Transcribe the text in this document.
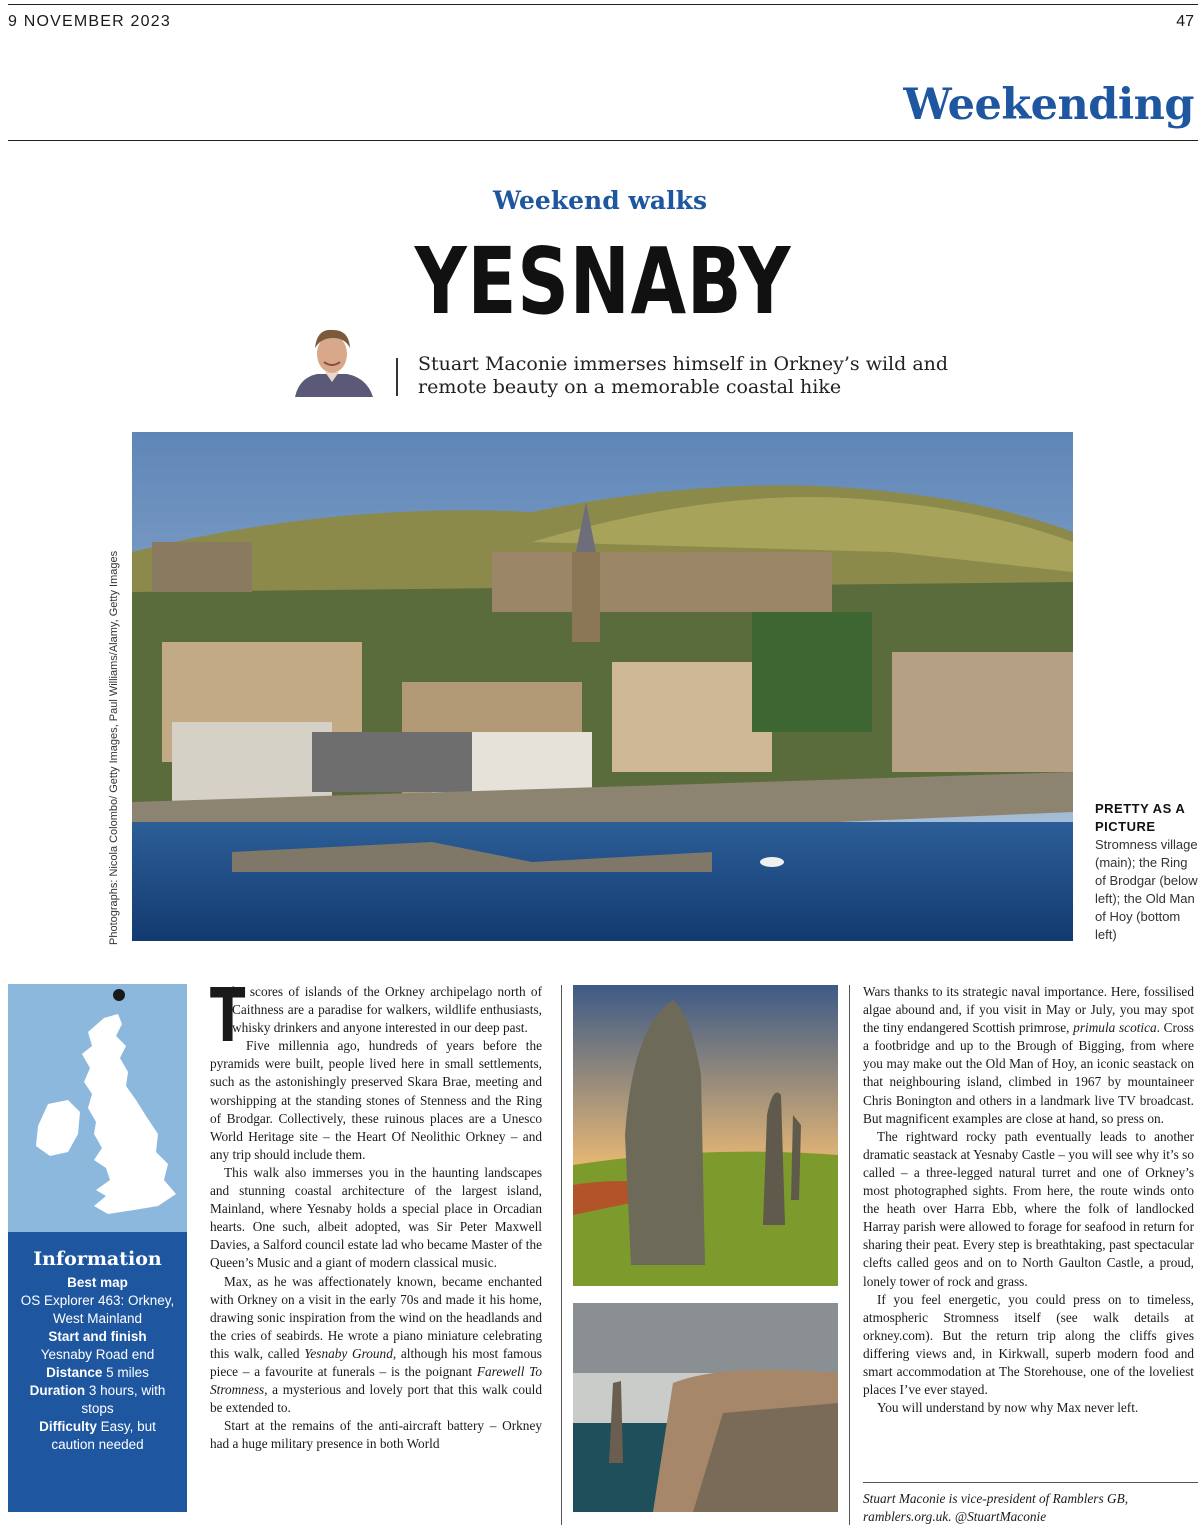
9 NOVEMBER 2023	47
Weekending
Weekend walks
YESNABY
Stuart Maconie immerses himself in Orkney’s wild and remote beauty on a memorable coastal hike
Photographs: Nicola Colombo/ Getty Images, Paul Williams/Alamy, Getty Images	PRETTY AS A PICTURE
Stromness village (main); the Ring of Brodgar (below left); the Old Man of Hoy (bottom left)
Information
Best map
OS Explorer 463: Orkney, West Mainland
Start and finish
Yesnaby Road end
Distance 5 miles
Duration 3 hours, with stops
Difficulty Easy, but caution needed

T
he scores of islands of the Orkney archipelago north of Caithness are a paradise for walkers, wildlife enthusiasts, whisky drinkers and anyone interested in our deep past.

Five millennia ago, hundreds of years before the pyramids were built, people lived here in small settlements, such as the astonishingly preserved Skara Brae, meeting and worshipping at the standing stones of Stenness and the Ring of Brodgar. Collectively, these ruinous places are a Unesco World Heritage site – the Heart Of Neolithic Orkney – and any trip should include them.

This walk also immerses you in the haunting landscapes and stunning coastal architecture of the largest island, Mainland, where Yesnaby holds a special place in Orcadian hearts. One such, albeit adopted, was Sir Peter Maxwell Davies, a Salford council estate lad who became Master of the Queen’s Music and a giant of modern classical music.

Max, as he was affectionately known, became enchanted with Orkney on a visit in the early 70s and made it his home, drawing sonic inspiration from the wind on the headlands and the cries of seabirds. He wrote a piano miniature celebrating this walk, called Yesnaby Ground, although his most famous piece – a favourite at funerals – is the poignant Farewell To Stromness, a mysterious and lovely port that this walk could be extended to.

Start at the remains of the anti-aircraft battery – Orkney had a huge military presence in both World

Wars thanks to its strategic naval importance. Here, fossilised algae abound and, if you visit in May or July, you may spot the tiny endangered Scottish primrose, primula scotica. Cross a footbridge and up to the Brough of Bigging, from where you may make out the Old Man of Hoy, an iconic seastack on that neighbouring island, climbed in 1967 by mountaineer Chris Bonington and others in a landmark live TV broadcast. But magnificent examples are close at hand, so press on.

The rightward rocky path eventually leads to another dramatic seastack at Yesnaby Castle – you will see why it’s so called – a three-legged natural turret and one of Orkney’s most photographed sights. From here, the route winds onto the heath over Harra Ebb, where the folk of landlocked Harray parish were allowed to forage for seafood in return for sharing their peat. Every step is breathtaking, past spectacular clefts called geos and on to North Gaulton Castle, a proud, lonely tower of rock and grass.

If you feel energetic, you could press on to timeless, atmospheric Stromness itself (see walk details at orkney.com). But the return trip along the cliffs gives differing views and, in Kirkwall, superb modern food and smart accommodation at The Storehouse, one of the loveliest places I’ve ever stayed.

You will understand by now why Max never left.

Stuart Maconie is vice-president of Ramblers GB, ramblers.org.uk. @StuartMaconie
